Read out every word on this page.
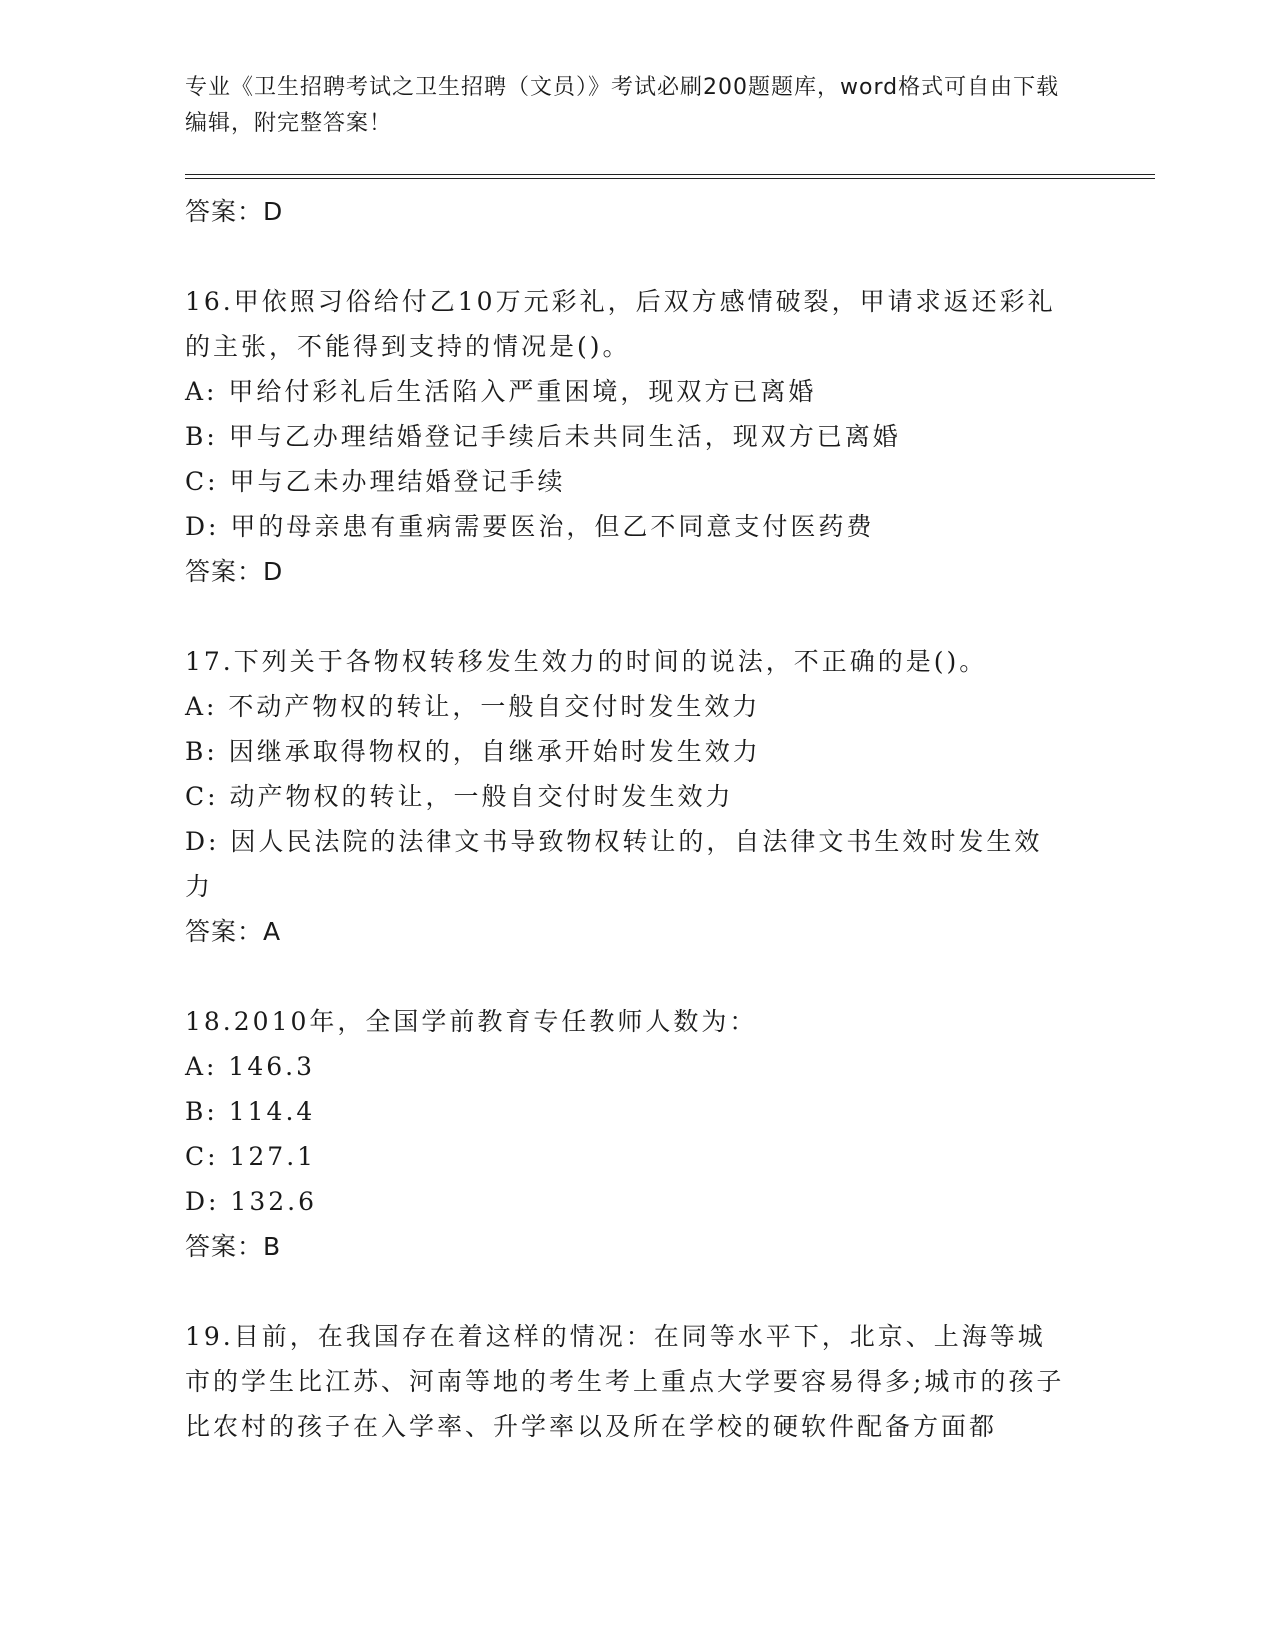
专业《卫生招聘考试之卫生招聘（文员）》考试必刷200题题库，word格式可自由下载编辑，附完整答案！
答案：D
16.甲依照习俗给付乙10万元彩礼，后双方感情破裂，甲请求返还彩礼的主张，不能得到支持的情况是()。
A: 甲给付彩礼后生活陷入严重困境，现双方已离婚
B: 甲与乙办理结婚登记手续后未共同生活，现双方已离婚
C: 甲与乙未办理结婚登记手续
D: 甲的母亲患有重病需要医治，但乙不同意支付医药费
答案：D
17.下列关于各物权转移发生效力的时间的说法，不正确的是()。
A: 不动产物权的转让，一般自交付时发生效力
B: 因继承取得物权的，自继承开始时发生效力
C: 动产物权的转让，一般自交付时发生效力
D: 因人民法院的法律文书导致物权转让的，自法律文书生效时发生效力
答案：A
18.2010年，全国学前教育专任教师人数为：
A: 146.3
B: 114.4
C: 127.1
D: 132.6
答案：B
19.目前，在我国存在着这样的情况：在同等水平下，北京、上海等城市的学生比江苏、河南等地的考生考上重点大学要容易得多;城市的孩子比农村的孩子在入学率、升学率以及所在学校的硬软件配备方面都
